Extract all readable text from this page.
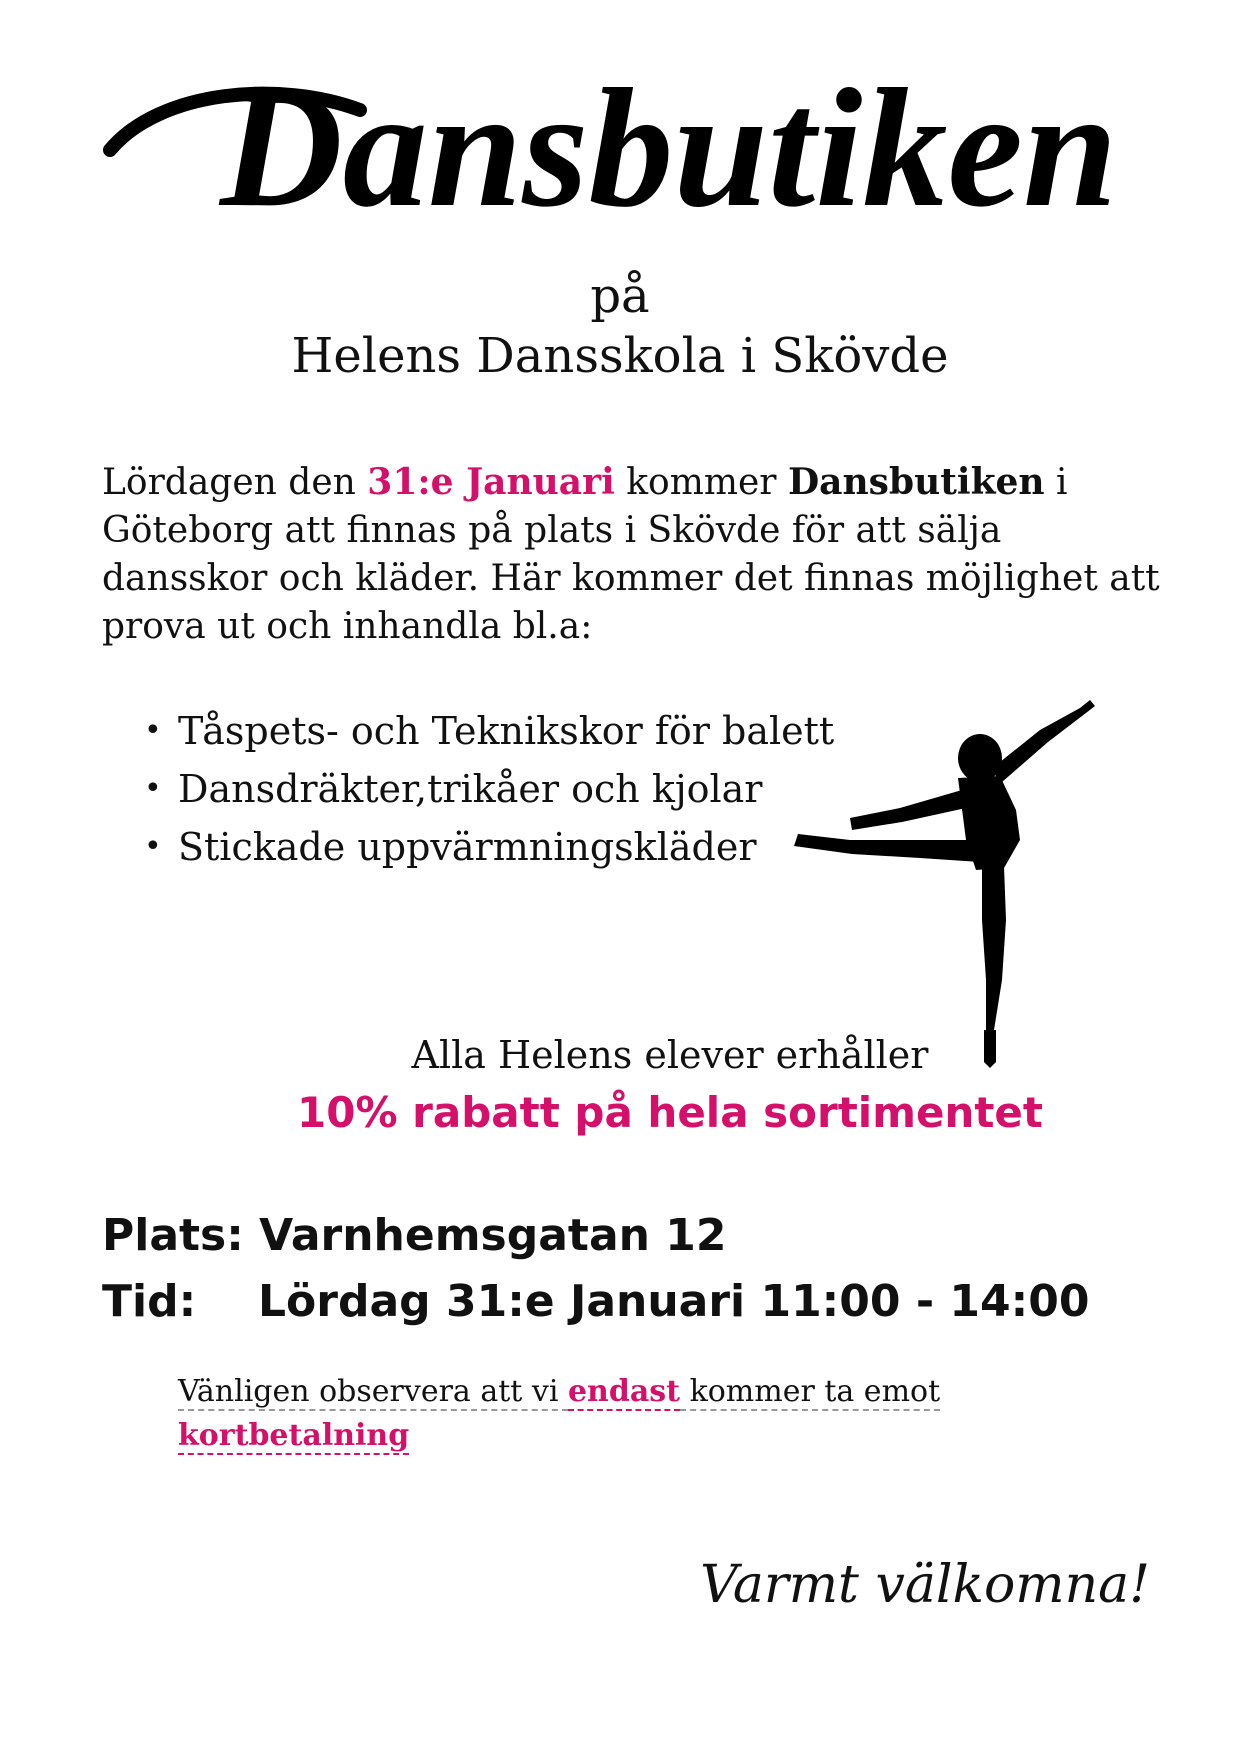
Dansbutiken
på
Helens Dansskola i Skövde
Lördagen den 31:e Januari kommer Dansbutiken i Göteborg att finnas på plats i Skövde för att sälja dansskor och kläder. Här kommer det finnas möjlighet att prova ut och inhandla bl.a:
• Tåspets- och Teknikskor för balett
• Dansdräkter,trikåer och kjolar
• Stickade uppvärmningskläder
Alla Helens elever erhåller
10% rabatt på hela sortimentet
Plats: Varnhemsgatan 12
Tid: Lördag 31:e Januari 11:00 - 14:00
Vänligen observera att vi endast kommer ta emot
kortbetalning
Varmt välkomna!
